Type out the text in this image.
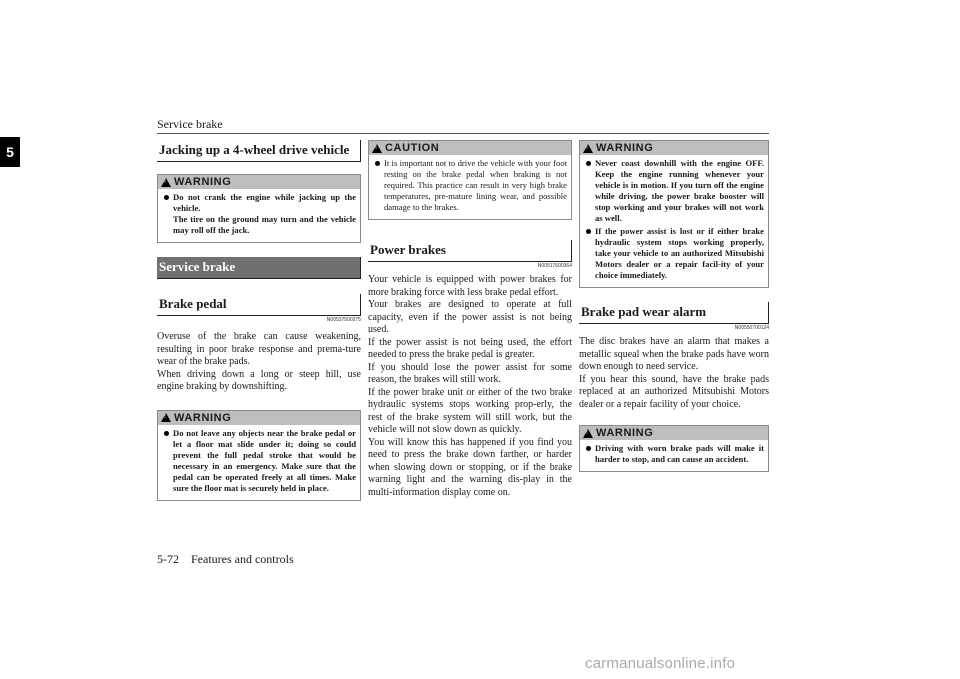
Service brake
5	Jacking up a 4-wheel drive vehicle
!
WARNING
Do not crank the engine while jacking up the vehicle.
The tire on the ground may turn and the vehicle may roll off the jack.
Service brake
Brake pedal
N00537500275

Overuse of the brake can cause weakening, resulting in poor brake response and prema-ture wear of the brake pads.
When driving down a long or steep hill, use engine braking by downshifting.

!
WARNING
Do not leave any objects near the brake pedal or let a floor mat slide under it; doing so could prevent the full pedal stroke that would be necessary in an emergency. Make sure that the pedal can be operated freely at all times. Make sure the floor mat is securely held in place.
!
CAUTION
It is important not to drive the vehicle with your foot resting on the brake pedal when braking is not required. This practice can result in very high brake temperatures, pre-mature lining wear, and possible damage to the brakes.
Power brakes
N00517600364

Your vehicle is equipped with power brakes for more braking force with less brake pedal effort.
Your brakes are designed to operate at full capacity, even if the power assist is not being used.
If the power assist is not being used, the effort needed to press the brake pedal is greater.
If you should lose the power assist for some reason, the brakes will still work.
If the power brake unit or either of the two brake hydraulic systems stops working prop-erly, the rest of the brake system will still work, but the vehicle will not slow down as quickly.
You will know this has happened if you find you need to press the brake down farther, or harder when slowing down or stopping, or if the brake warning light and the warning dis-play in the multi-information display come on.

!
WARNING
Never coast downhill with the engine OFF. Keep the engine running whenever your vehicle is in motion. If you turn off the engine while driving, the power brake booster will stop working and your brakes will not work as well.
If the power assist is lost or if either brake hydraulic system stops working properly, take your vehicle to an authorized Mitsubishi Motors dealer or a repair facil-ity of your choice immediately.
Brake pad wear alarm
N00550700124

The disc brakes have an alarm that makes a metallic squeal when the brake pads have worn down enough to need service.
If you hear this sound, have the brake pads replaced at an authorized Mitsubishi Motors dealer or a repair facility of your choice.

!
WARNING
Driving with worn brake pads will make it harder to stop, and can cause an accident.
5-72 Features and controls
carmanualsonline.info
